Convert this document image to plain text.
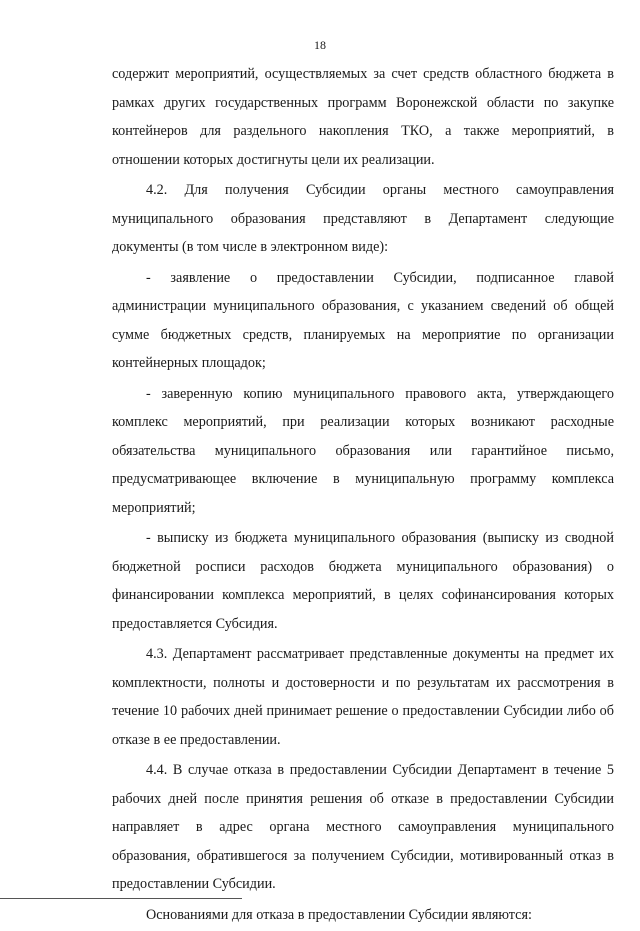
18

содержит мероприятий, осуществляемых за счет средств областного бюджета в рамках других государственных программ Воронежской области по закупке контейнеров для раздельного накопления ТКО, а также мероприятий, в отношении которых достигнуты цели их реализации.

4.2. Для получения Субсидии органы местного самоуправления муниципального образования представляют в Департамент следующие документы (в том числе в электронном виде):

- заявление о предоставлении Субсидии, подписанное главой администрации муниципального образования, с указанием сведений об общей сумме бюджетных средств, планируемых на мероприятие по организации контейнерных площадок;

- заверенную копию муниципального правового акта, утверждающего комплекс мероприятий, при реализации которых возникают расходные обязательства муниципального образования или гарантийное письмо, предусматривающее включение в муниципальную программу комплекса мероприятий;

- выписку из бюджета муниципального образования (выписку из сводной бюджетной росписи расходов бюджета муниципального образования) о финансировании комплекса мероприятий, в целях софинансирования которых предоставляется Субсидия.

4.3. Департамент рассматривает представленные документы на предмет их комплектности, полноты и достоверности и по результатам их рассмотрения в течение 10 рабочих дней принимает решение о предоставлении Субсидии либо об отказе в ее предоставлении.

4.4. В случае отказа в предоставлении Субсидии Департамент в течение 5 рабочих дней после принятия решения об отказе в предоставлении Субсидии направляет в адрес органа местного самоуправления муниципального образования, обратившегося за получением Субсидии, мотивированный отказ в предоставлении Субсидии.

Основаниями для отказа в предоставлении Субсидии являются:
